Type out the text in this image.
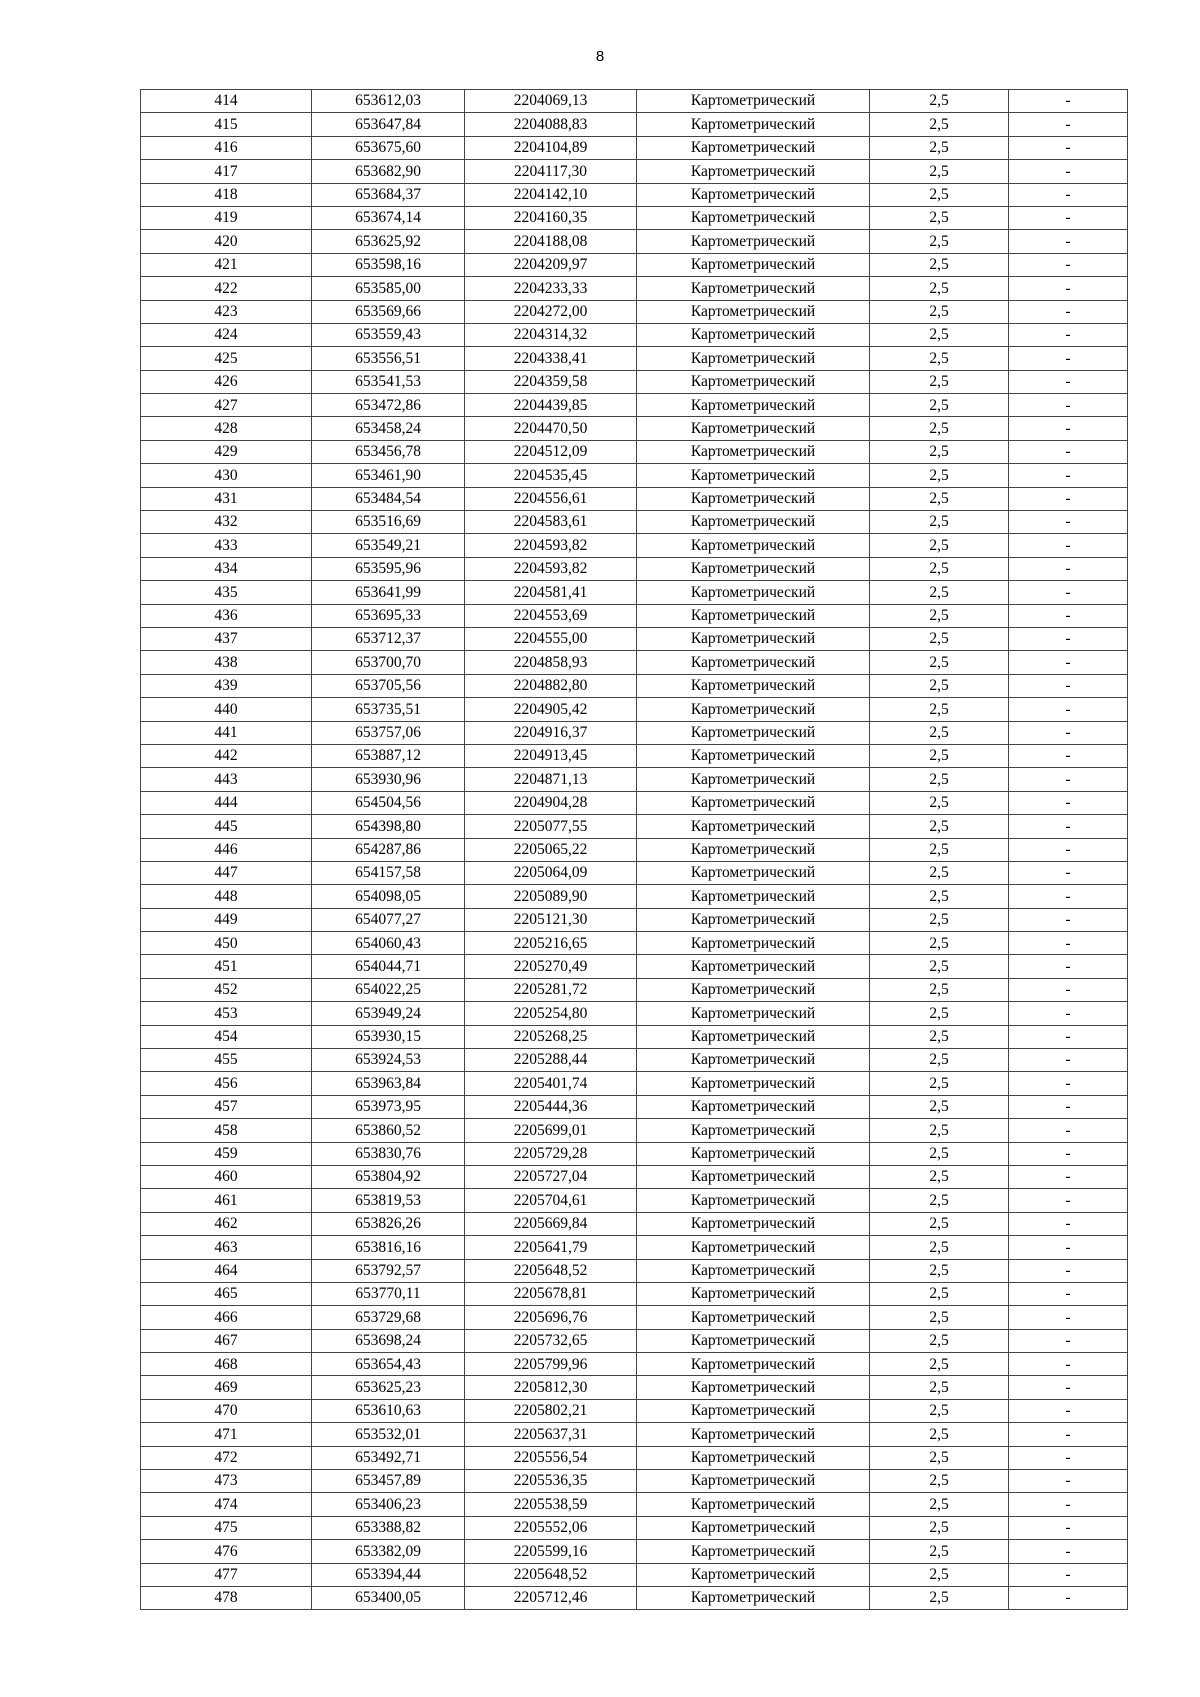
8
414	653612,03	2204069,13	Картометрический	2,5	-
415	653647,84	2204088,83	Картометрический	2,5	-
416	653675,60	2204104,89	Картометрический	2,5	-
417	653682,90	2204117,30	Картометрический	2,5	-
418	653684,37	2204142,10	Картометрический	2,5	-
419	653674,14	2204160,35	Картометрический	2,5	-
420	653625,92	2204188,08	Картометрический	2,5	-
421	653598,16	2204209,97	Картометрический	2,5	-
422	653585,00	2204233,33	Картометрический	2,5	-
423	653569,66	2204272,00	Картометрический	2,5	-
424	653559,43	2204314,32	Картометрический	2,5	-
425	653556,51	2204338,41	Картометрический	2,5	-
426	653541,53	2204359,58	Картометрический	2,5	-
427	653472,86	2204439,85	Картометрический	2,5	-
428	653458,24	2204470,50	Картометрический	2,5	-
429	653456,78	2204512,09	Картометрический	2,5	-
430	653461,90	2204535,45	Картометрический	2,5	-
431	653484,54	2204556,61	Картометрический	2,5	-
432	653516,69	2204583,61	Картометрический	2,5	-
433	653549,21	2204593,82	Картометрический	2,5	-
434	653595,96	2204593,82	Картометрический	2,5	-
435	653641,99	2204581,41	Картометрический	2,5	-
436	653695,33	2204553,69	Картометрический	2,5	-
437	653712,37	2204555,00	Картометрический	2,5	-
438	653700,70	2204858,93	Картометрический	2,5	-
439	653705,56	2204882,80	Картометрический	2,5	-
440	653735,51	2204905,42	Картометрический	2,5	-
441	653757,06	2204916,37	Картометрический	2,5	-
442	653887,12	2204913,45	Картометрический	2,5	-
443	653930,96	2204871,13	Картометрический	2,5	-
444	654504,56	2204904,28	Картометрический	2,5	-
445	654398,80	2205077,55	Картометрический	2,5	-
446	654287,86	2205065,22	Картометрический	2,5	-
447	654157,58	2205064,09	Картометрический	2,5	-
448	654098,05	2205089,90	Картометрический	2,5	-
449	654077,27	2205121,30	Картометрический	2,5	-
450	654060,43	2205216,65	Картометрический	2,5	-
451	654044,71	2205270,49	Картометрический	2,5	-
452	654022,25	2205281,72	Картометрический	2,5	-
453	653949,24	2205254,80	Картометрический	2,5	-
454	653930,15	2205268,25	Картометрический	2,5	-
455	653924,53	2205288,44	Картометрический	2,5	-
456	653963,84	2205401,74	Картометрический	2,5	-
457	653973,95	2205444,36	Картометрический	2,5	-
458	653860,52	2205699,01	Картометрический	2,5	-
459	653830,76	2205729,28	Картометрический	2,5	-
460	653804,92	2205727,04	Картометрический	2,5	-
461	653819,53	2205704,61	Картометрический	2,5	-
462	653826,26	2205669,84	Картометрический	2,5	-
463	653816,16	2205641,79	Картометрический	2,5	-
464	653792,57	2205648,52	Картометрический	2,5	-
465	653770,11	2205678,81	Картометрический	2,5	-
466	653729,68	2205696,76	Картометрический	2,5	-
467	653698,24	2205732,65	Картометрический	2,5	-
468	653654,43	2205799,96	Картометрический	2,5	-
469	653625,23	2205812,30	Картометрический	2,5	-
470	653610,63	2205802,21	Картометрический	2,5	-
471	653532,01	2205637,31	Картометрический	2,5	-
472	653492,71	2205556,54	Картометрический	2,5	-
473	653457,89	2205536,35	Картометрический	2,5	-
474	653406,23	2205538,59	Картометрический	2,5	-
475	653388,82	2205552,06	Картометрический	2,5	-
476	653382,09	2205599,16	Картометрический	2,5	-
477	653394,44	2205648,52	Картометрический	2,5	-
478	653400,05	2205712,46	Картометрический	2,5	-
